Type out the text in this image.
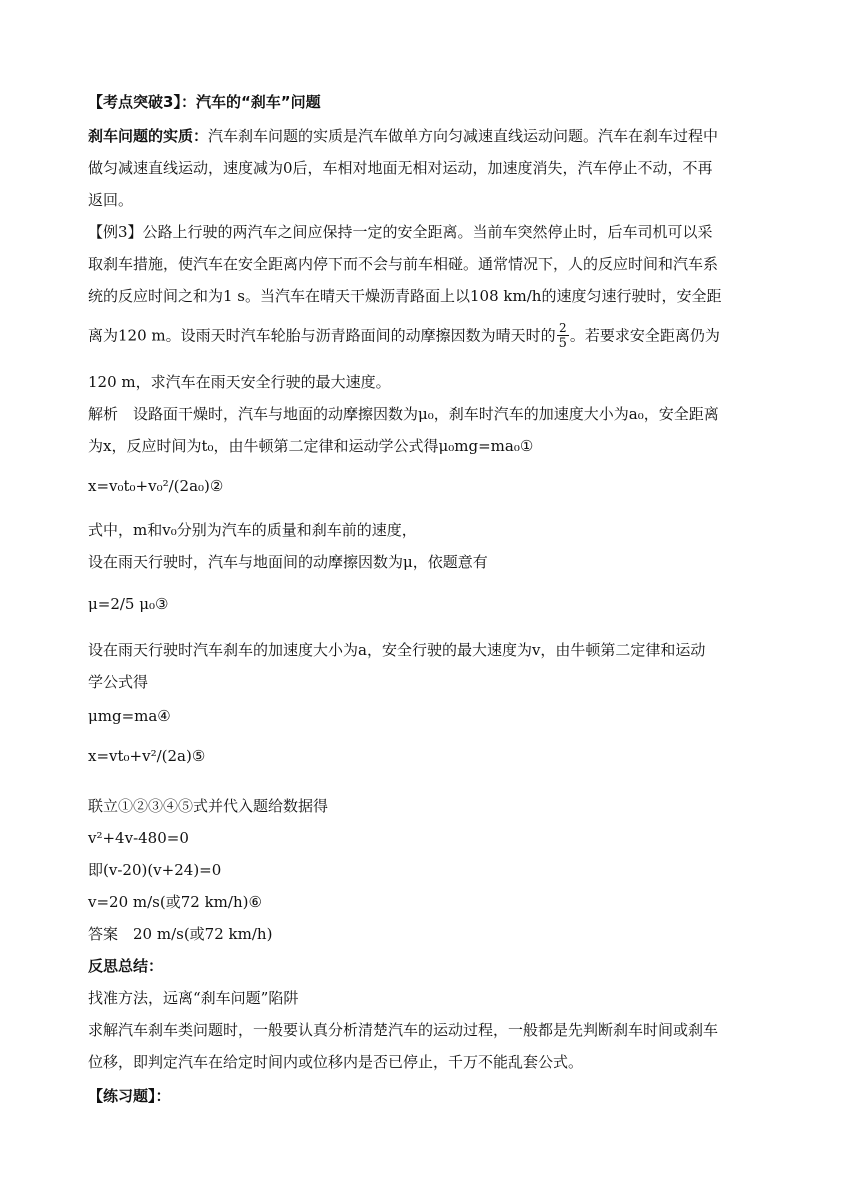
【考点突破3】：汽车的“刹车”问题
刹车问题的实质：汽车刹车问题的实质是汽车做单方向匀减速直线运动问题。汽车在刹车过程中
做匀减速直线运动，速度减为0后，车相对地面无相对运动，加速度消失，汽车停止不动，不再
返回。
【例3】公路上行驶的两汽车之间应保持一定的安全距离。当前车突然停止时，后车司机可以采
取刹车措施，使汽车在安全距离内停下而不会与前车相碰。通常情况下，人的反应时间和汽车系
统的反应时间之和为1 s。当汽车在晴天干燥沥青路面上以108 km/h的速度匀速行驶时，安全距
离为120 m。设雨天时汽车轮胎与沥青路面间的动摩擦因数为晴天时的 $\frac{2}{5}$ 。若要求安全距离仍为
120 m，求汽车在雨天安全行驶的最大速度。
解析　设路面干燥时，汽车与地面的动摩擦因数为μ₀，刹车时汽车的加速度大小为a₀，安全距离
为x，反应时间为t₀，由牛顿第二定律和运动学公式得μ₀mg=ma₀①
x=v₀t₀+v₀²/(2a₀)②
式中，m和v₀分别为汽车的质量和刹车前的速度，
设在雨天行驶时，汽车与地面间的动摩擦因数为μ，依题意有
μ=2/5 μ₀③
设在雨天行驶时汽车刹车的加速度大小为a，安全行驶的最大速度为v，由牛顿第二定律和运动
学公式得
μmg=ma④
x=vt₀+v²/(2a)⑤
联立①②③④⑤式并代入题给数据得
v²+4v-480=0
即(v-20)(v+24)=0
v=20 m/s(或72 km/h)⑥
答案　20 m/s(或72 km/h)
反思总结：
找准方法，远离“刹车问题”陷阱
求解汽车刹车类问题时，一般要认真分析清楚汽车的运动过程，一般都是先判断刹车时间或刹车
位移，即判定汽车在给定时间内或位移内是否已停止，千万不能乱套公式。
【练习题】：
